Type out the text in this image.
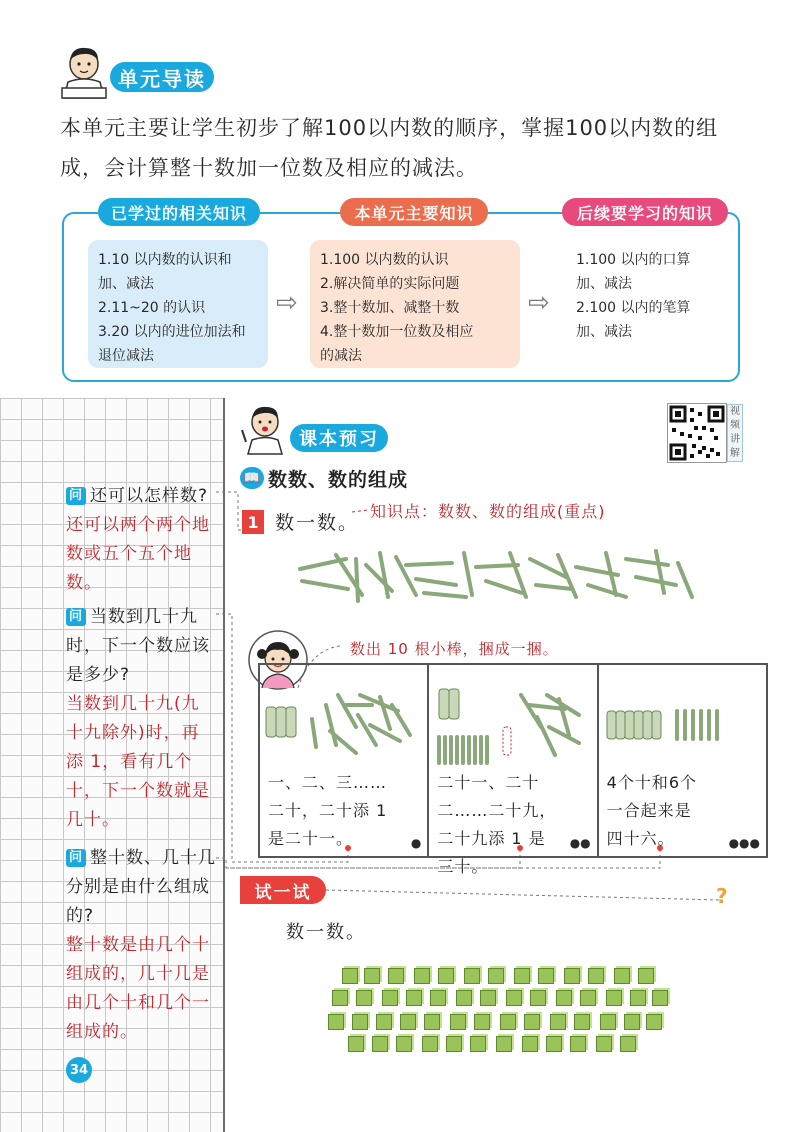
单元导读
本单元主要让学生初步了解100以内数的顺序，掌握100以内数的组成，会计算整十数加一位数及相应的减法。
已学过的相关知识	本单元主要知识	后续要学习的知识
1.10 以内数的认识和
加、减法
2.11~20 的认识
3.20 以内的进位加法和
退位减法
⇨
1.100 以内数的认识
2.解决简单的实际问题
3.整十数加、减整十数
4.整十数加一位数及相应
的减法
⇨
1.100 以内的口算
加、减法
2.100 以内的笔算
加、减法
问 还可以怎样数?
还可以两个两个地数或五个五个地数。
问 当数到几十九时，下一个数应该是多少?
当数到几十九(九十九除外)时，再添 1，看有几个十，下一个数就是几十。
问 整十数、几十几分别是由什么组成的?
整十数是由几个十组成的，几十几是由几个十和几个一组成的。
34
课本预习
视频讲解
📖 数数、数的组成
1 数一数。
知识点：数数、数的组成(重点)
数出 10 根小棒，捆成一捆。
一、二、三……
二十，二十添 1
是二十一。	●
二十一、二十
二……二十九，
二十九添 1 是
三十。
●●
4个十和6个
一合起来是
四十六。	●●●
试一试	?
数一数。
